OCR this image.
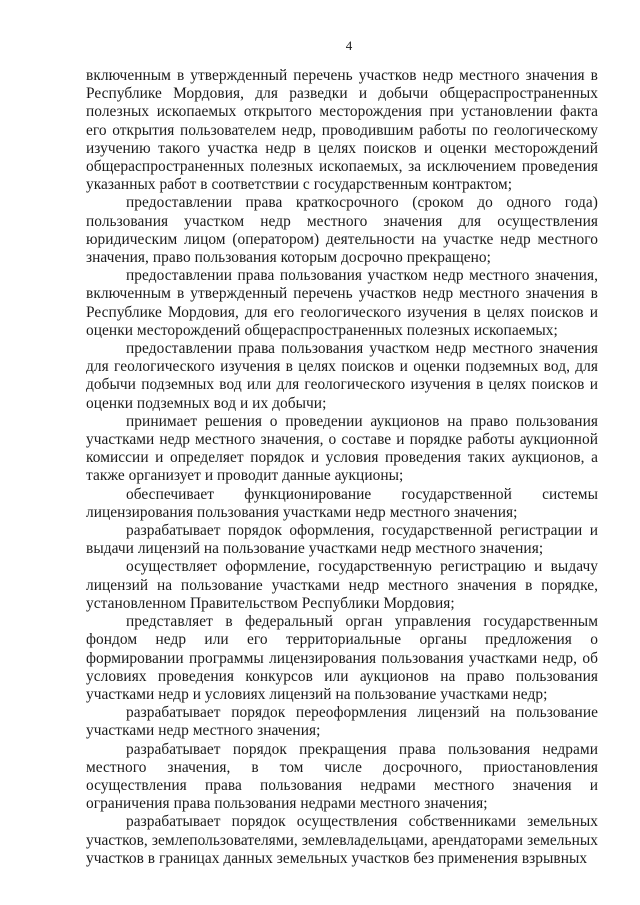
4

включенным в утвержденный перечень участков недр местного значения в Республике Мордовия, для разведки и добычи общераспространенных полезных ископаемых открытого месторождения при установлении факта его открытия пользователем недр, проводившим работы по геологическому изучению такого участка недр в целях поисков и оценки месторождений общераспространенных полезных ископаемых, за исключением проведения указанных работ в соответствии с государственным контрактом;

предоставлении права краткосрочного (сроком до одного года) пользования участком недр местного значения для осуществления юридическим лицом (оператором) деятельности на участке недр местного значения, право пользования которым досрочно прекращено;

предоставлении права пользования участком недр местного значения, включенным в утвержденный перечень участков недр местного значения в Республике Мордовия, для его геологического изучения в целях поисков и оценки месторождений общераспространенных полезных ископаемых;

предоставлении права пользования участком недр местного значения для геологического изучения в целях поисков и оценки подземных вод, для добычи подземных вод или для геологического изучения в целях поисков и оценки подземных вод и их добычи;

принимает решения о проведении аукционов на право пользования участками недр местного значения, о составе и порядке работы аукционной комиссии и определяет порядок и условия проведения таких аукционов, а также организует и проводит данные аукционы;

обеспечивает функционирование государственной системы лицензирования пользования участками недр местного значения;

разрабатывает порядок оформления, государственной регистрации и выдачи лицензий на пользование участками недр местного значения;

осуществляет оформление, государственную регистрацию и выдачу лицензий на пользование участками недр местного значения в порядке, установленном Правительством Республики Мордовия;

представляет в федеральный орган управления государственным фондом недр или его территориальные органы предложения о формировании программы лицензирования пользования участками недр, об условиях проведения конкурсов или аукционов на право пользования участками недр и условиях лицензий на пользование участками недр;

разрабатывает порядок переоформления лицензий на пользование участками недр местного значения;

разрабатывает порядок прекращения права пользования недрами местного значения, в том числе досрочного, приостановления осуществления права пользования недрами местного значения и ограничения права пользования недрами местного значения;

разрабатывает порядок осуществления собственниками земельных участков, землепользователями, землевладельцами, арендаторами земельных участков в границах данных земельных участков без применения взрывных
